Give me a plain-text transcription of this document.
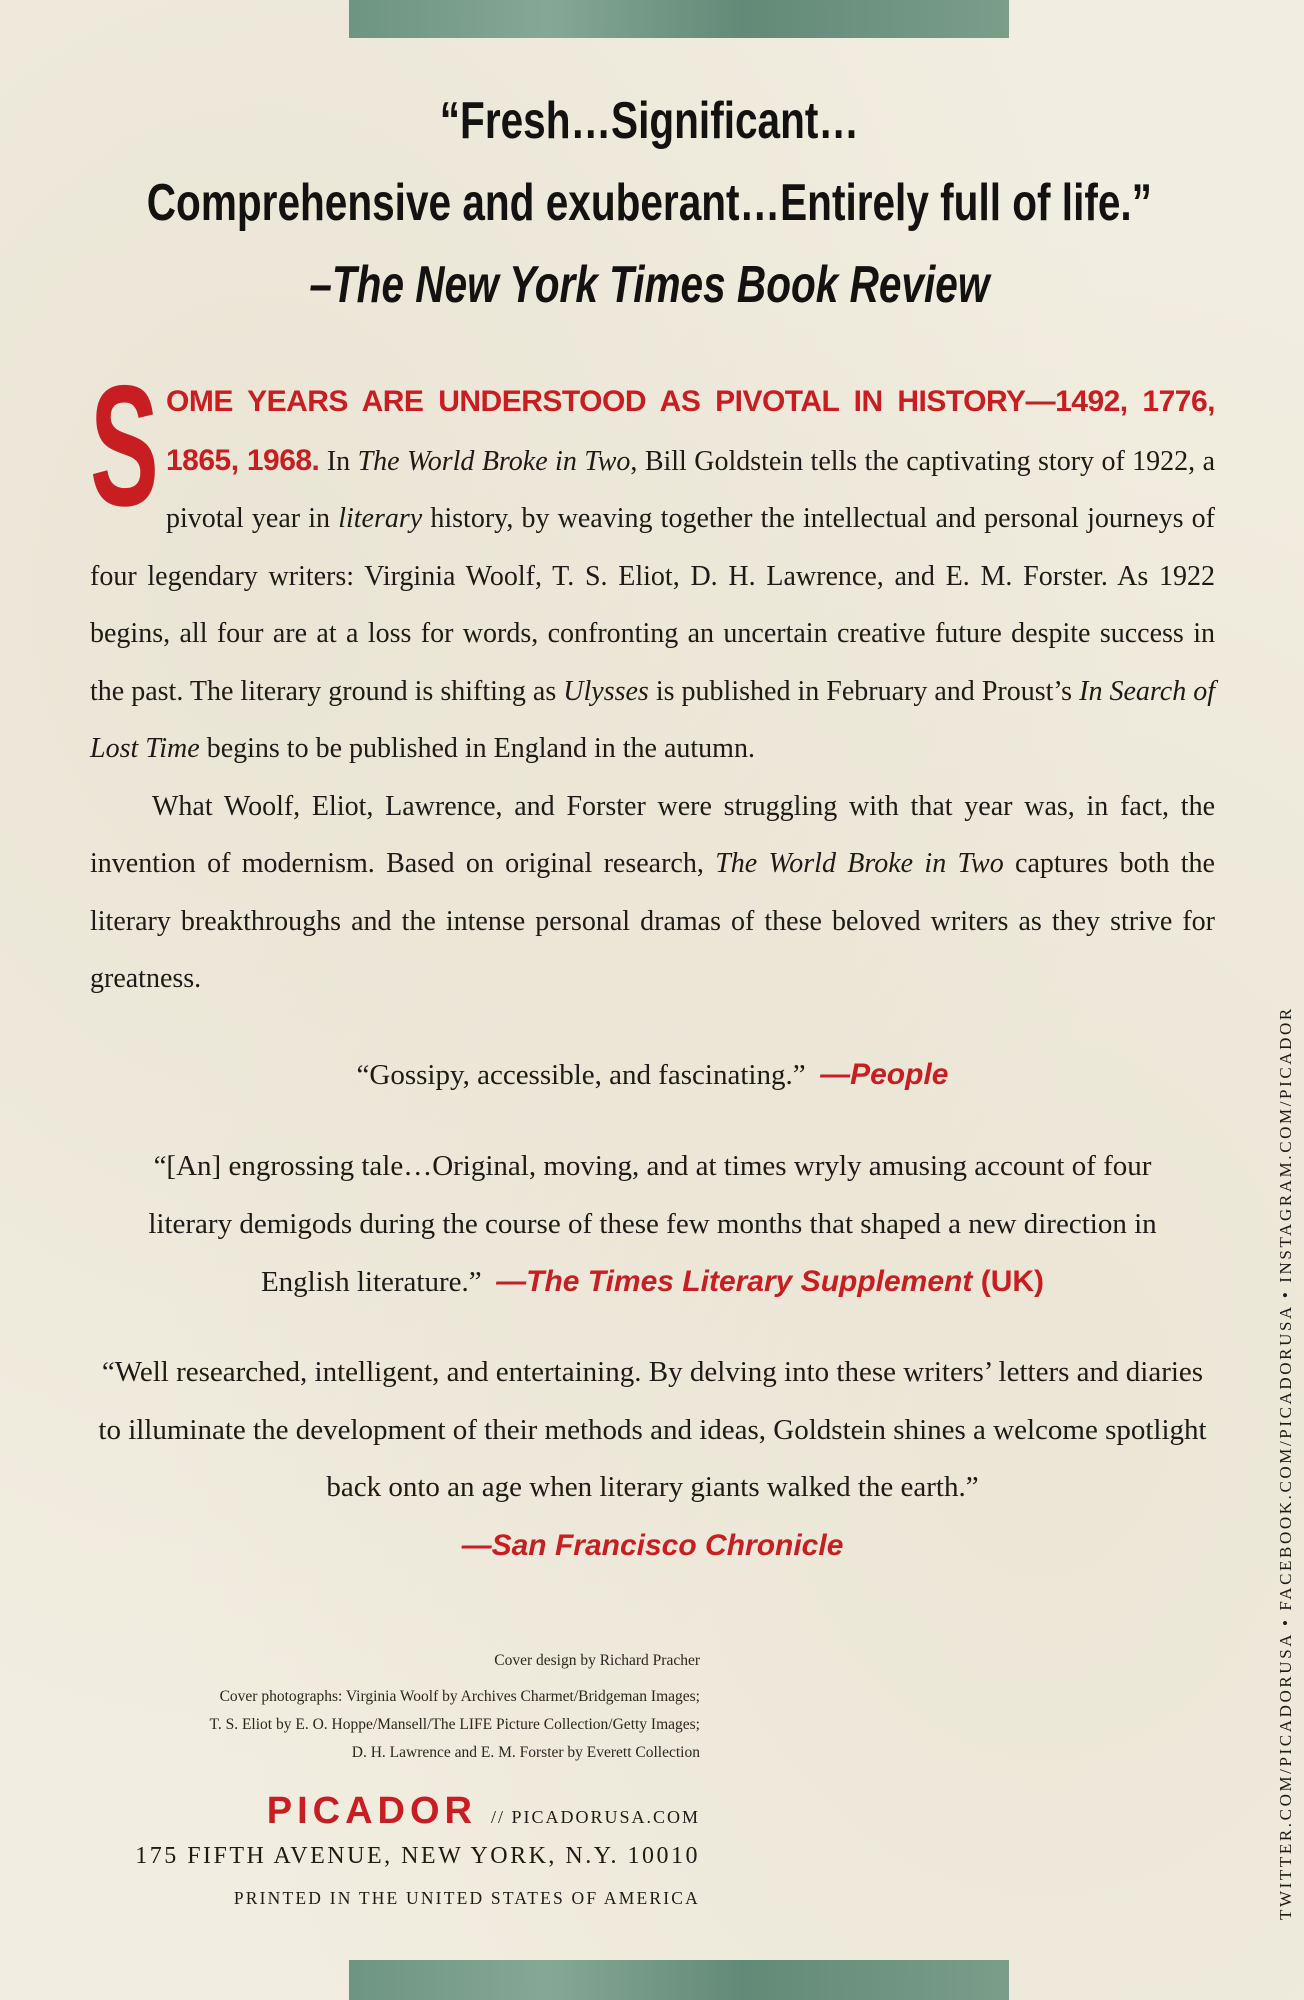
“Fresh…Significant…
Comprehensive and exuberant…Entirely full of life.”
–The New York Times Book Review

S OME YEARS ARE UNDERSTOOD AS PIVOTAL IN HISTORY—1492, 1776, 1865, 1968. In The World Broke in Two, Bill Goldstein tells the captivating story of 1922, a pivotal year in literary history, by weaving together the intellectual and personal journeys of four legendary writers: Virginia Woolf, T. S. Eliot, D. H. Lawrence, and E. M. Forster. As 1922 begins, all four are at a loss for words, confronting an uncertain creative future despite success in the past. The literary ground is shifting as Ulysses is published in February and Proust’s In Search of Lost Time begins to be published in England in the autumn.

What Woolf, Eliot, Lawrence, and Forster were struggling with that year was, in fact, the invention of modernism. Based on original research, The World Broke in Two captures both the literary breakthroughs and the intense personal dramas of these beloved writers as they strive for greatness.

“Gossipy, accessible, and fascinating.” —People
“[An] engrossing tale…Original, moving, and at times wryly amusing account of four literary demigods during the course of these few months that shaped a new direction in English literature.” —The Times Literary Supplement (UK)
“Well researched, intelligent, and entertaining. By delving into these writers’ letters and diaries to illuminate the development of their methods and ideas, Goldstein shines a welcome spotlight back onto an age when literary giants walked the earth.”
—San Francisco Chronicle
Cover design by Richard Pracher
Cover photographs: Virginia Woolf by Archives Charmet/Bridgeman Images;
T. S. Eliot by E. O. Hoppe/Mansell/The LIFE Picture Collection/Getty Images;
D. H. Lawrence and E. M. Forster by Everett Collection
PICADOR // PICADORUSA.COM
175 FIFTH AVENUE, NEW YORK, N.Y. 10010
PRINTED IN THE UNITED STATES OF AMERICA	TWITTER.COM/PICADORUSA • FACEBOOK.COM/PICADORUSA • INSTAGRAM.COM/PICADOR
